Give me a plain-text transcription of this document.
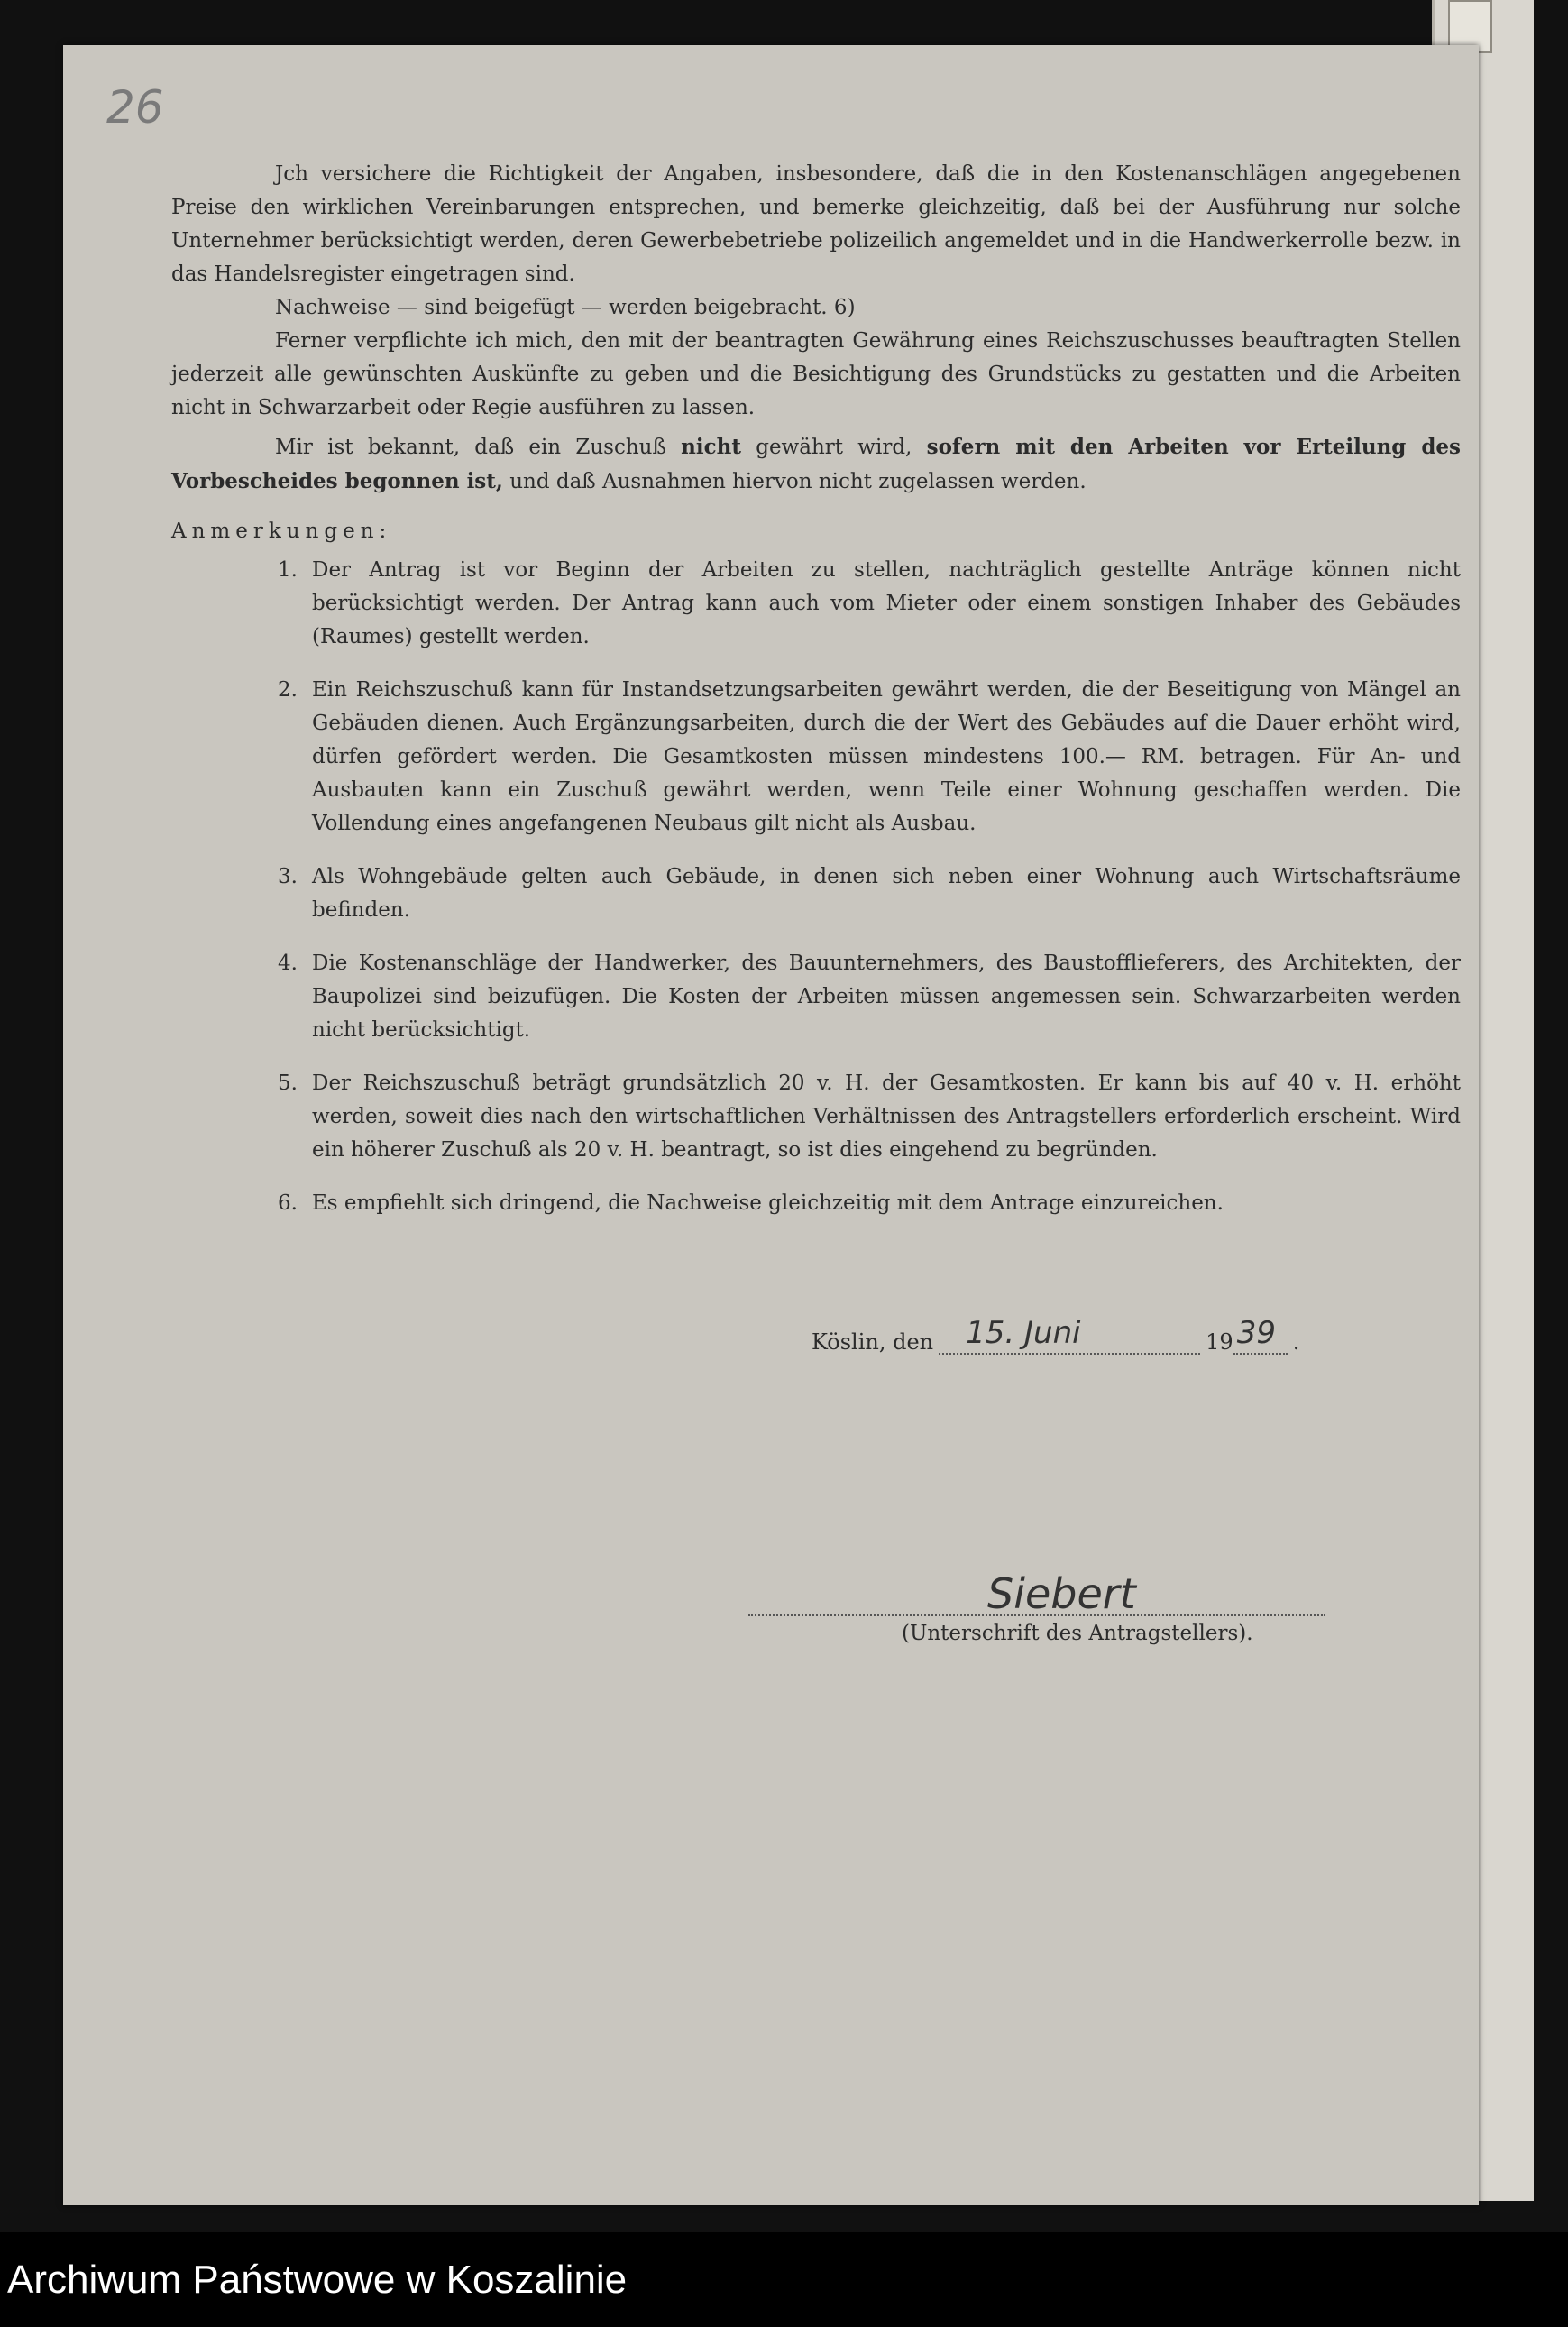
26

Jch versichere die Richtigkeit der Angaben, insbesondere, daß die in den Kostenanschlägen angegebenen Preise den wirklichen Vereinbarungen entsprechen, und bemerke gleichzeitig, daß bei der Ausführung nur solche Unternehmer berücksichtigt werden, deren Gewerbebetriebe polizeilich angemeldet und in die Handwerkerrolle bezw. in das Handelsregister eingetragen sind.

Nachweise — sind beigefügt — werden beigebracht. 6)

Ferner verpflichte ich mich, den mit der beantragten Gewährung eines Reichszuschusses beauftragten Stellen jederzeit alle gewünschten Auskünfte zu geben und die Besichtigung des Grundstücks zu gestatten und die Arbeiten nicht in Schwarzarbeit oder Regie ausführen zu lassen.

Mir ist bekannt, daß ein Zuschuß nicht gewährt wird, sofern mit den Arbeiten vor Erteilung des Vorbescheides begonnen ist, und daß Ausnahmen hiervon nicht zugelassen werden.

Anmerkungen:

1. Der Antrag ist vor Beginn der Arbeiten zu stellen, nachträglich gestellte Anträge können nicht berücksichtigt werden. Der Antrag kann auch vom Mieter oder einem sonstigen Inhaber des Gebäudes (Raumes) gestellt werden.
2. Ein Reichszuschuß kann für Instandsetzungsarbeiten gewährt werden, die der Beseitigung von Mängel an Gebäuden dienen. Auch Ergänzungsarbeiten, durch die der Wert des Gebäudes auf die Dauer erhöht wird, dürfen gefördert werden. Die Gesamtkosten müssen mindestens 100.— RM. betragen. Für An- und Ausbauten kann ein Zuschuß gewährt werden, wenn Teile einer Wohnung geschaffen werden. Die Vollendung eines angefangenen Neubaus gilt nicht als Ausbau.
3. Als Wohngebäude gelten auch Gebäude, in denen sich neben einer Wohnung auch Wirtschaftsräume befinden.
4. Die Kostenanschläge der Handwerker, des Bauunternehmers, des Baustofflieferers, des Architekten, der Baupolizei sind beizufügen. Die Kosten der Arbeiten müssen angemessen sein. Schwarzarbeiten werden nicht berücksichtigt.
5. Der Reichszuschuß beträgt grundsätzlich 20 v. H. der Gesamtkosten. Er kann bis auf 40 v. H. erhöht werden, soweit dies nach den wirtschaftlichen Verhältnissen des Antragstellers erforderlich erscheint. Wird ein höherer Zuschuß als 20 v. H. beantragt, so ist dies eingehend zu begründen.
6. Es empfiehlt sich dringend, die Nachweise gleichzeitig mit dem Antrage einzureichen.
Köslin, den 15. Juni	19 39 .
Siebert
(Unterschrift des Antragstellers).
Archiwum Państwowe w Koszalinie
